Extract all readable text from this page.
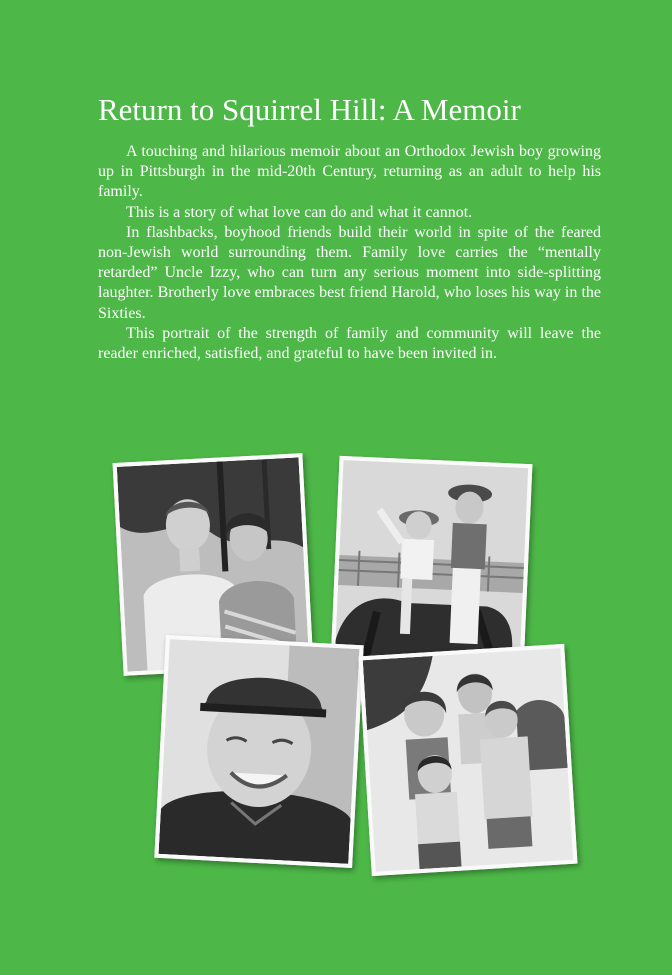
Return to Squirrel Hill: A Memoir

A touching and hilarious memoir about an Orthodox Jewish boy growing up in Pittsburgh in the mid-20th Century, returning as an adult to help his family.

This is a story of what love can do and what it cannot.

In flashbacks, boyhood friends build their world in spite of the feared non-Jewish world surrounding them. Family love carries the “mentally retarded” Uncle Izzy, who can turn any serious moment into side-splitting laughter. Brotherly love embraces best friend Harold, who loses his way in the Sixties.

This portrait of the strength of family and community will leave the reader enriched, satisfied, and grateful to have been invited in.
